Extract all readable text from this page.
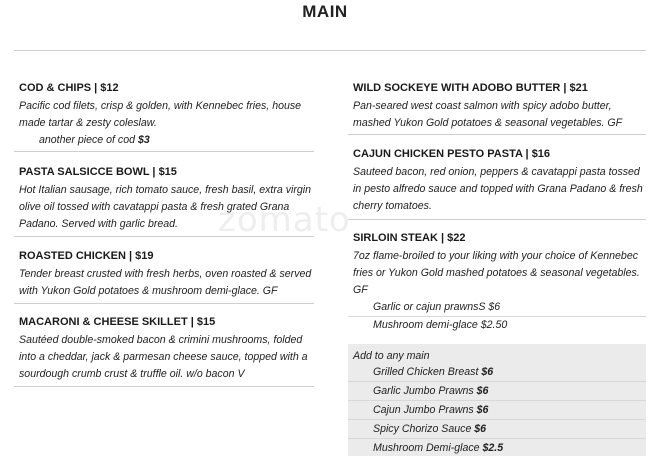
MAIN
zomato
COD & CHIPS | $12
Pacific cod filets, crisp & golden, with Kennebec fries, house made tartar & zesty coleslaw.
another piece of cod $3
PASTA SALSICCE BOWL | $15
Hot Italian sausage, rich tomato sauce, fresh basil, extra virgin olive oil tossed with cavatappi pasta & fresh grated Grana Padano. Served with garlic bread.
ROASTED CHICKEN | $19
Tender breast crusted with fresh herbs, oven roasted & served with Yukon Gold potatoes & mushroom demi-glace. GF
MACARONI & CHEESE SKILLET | $15
Sautéed double-smoked bacon & crimini mushrooms, folded into a cheddar, jack & parmesan cheese sauce, topped with a sourdough crumb crust & truffle oil. w/o bacon V
WILD SOCKEYE WITH ADOBO BUTTER | $21
Pan-seared west coast salmon with spicy adobo butter, mashed Yukon Gold potatoes & seasonal vegetables. GF
CAJUN CHICKEN PESTO PASTA | $16
Sauteed bacon, red onion, peppers & cavatappi pasta tossed in pesto alfredo sauce and topped with Grana Padano & fresh cherry tomatoes.
SIRLOIN STEAK | $22
7oz flame-broiled to your liking with your choice of Kennebec fries or Yukon Gold mashed potatoes & seasonal vegetables. GF
Garlic or cajun prawnsS $6
Mushroom demi-glace $2.50
Add to any main
Grilled Chicken Breast $6
Garlic Jumbo Prawns $6
Cajun Jumbo Prawns $6
Spicy Chorizo Sauce $6
Mushroom Demi-glace $2.5
